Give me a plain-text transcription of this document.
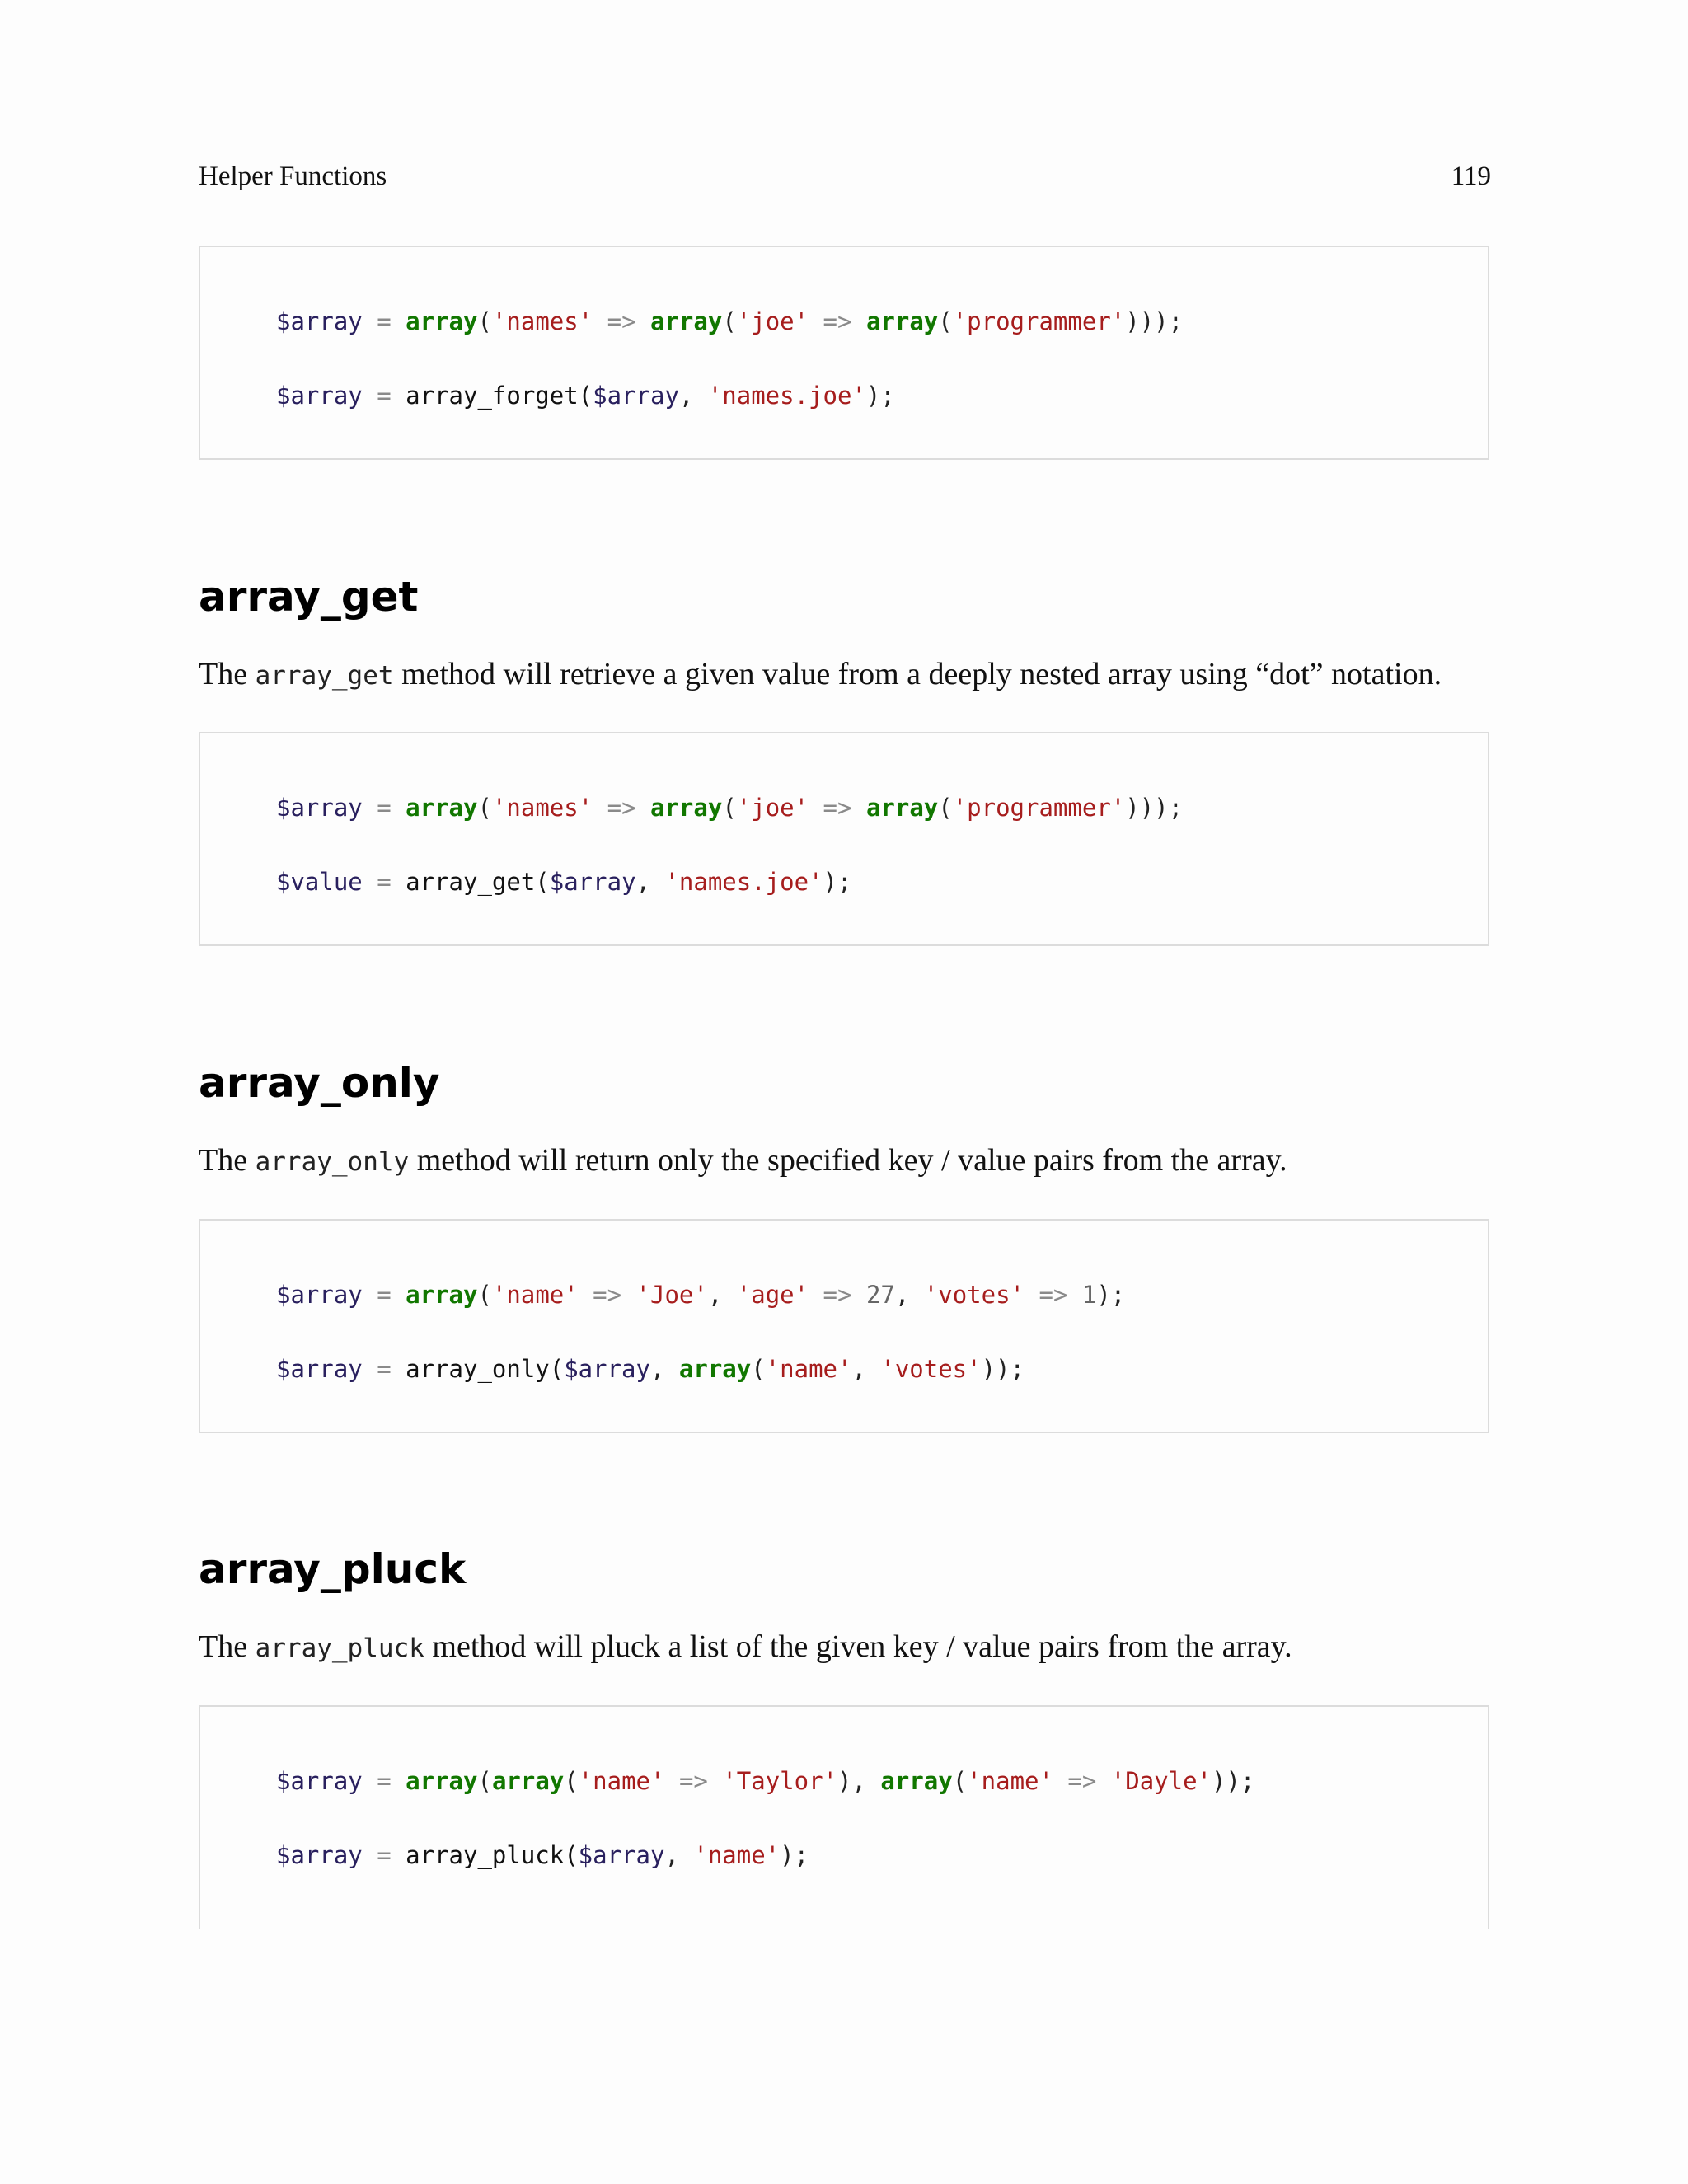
Helper Functions	119
$array = array('names' => array('joe' => array('programmer')));
$array = array_forget($array, 'names.joe');
array_get

The array_get method will retrieve a given value from a deeply nested array using “dot” notation.

$array = array('names' => array('joe' => array('programmer')));
$value = array_get($array, 'names.joe');
array_only

The array_only method will return only the specified key / value pairs from the array.

$array = array('name' => 'Joe', 'age' => 27, 'votes' => 1);
$array = array_only($array, array('name', 'votes'));
array_pluck

The array_pluck method will pluck a list of the given key / value pairs from the array.

$array = array(array('name' => 'Taylor'), array('name' => 'Dayle'));
$array = array_pluck($array, 'name');
